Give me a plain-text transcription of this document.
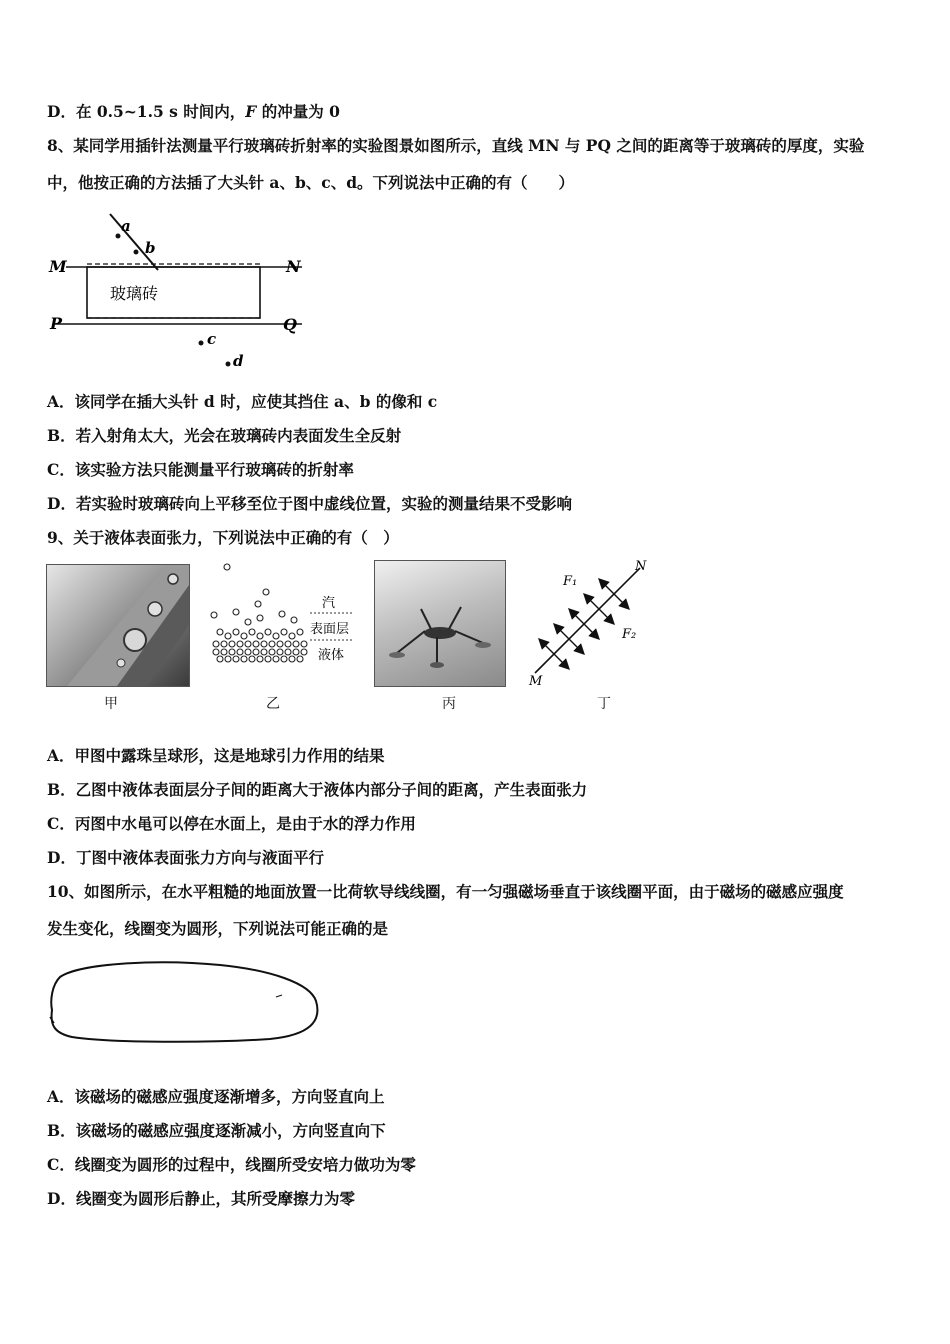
D．在 0.5~1.5 s 时间内，F 的冲量为 0
8、某同学用插针法测量平行玻璃砖折射率的实验图景如图所示，直线 MN 与 PQ 之间的距离等于玻璃砖的厚度，实验
中，他按正确的方法插了大头针 a、b、c、d。下列说法中正确的有（　　）
a
b
M	N
P	Q
c
d
玻璃砖
A．该同学在插大头针 d 时，应使其挡住 a、b 的像和 c
B．若入射角太大，光会在玻璃砖内表面发生全反射
C．该实验方法只能测量平行玻璃砖的折射率
D．若实验时玻璃砖向上平移至位于图中虚线位置，实验的测量结果不受影响
9、关于液体表面张力，下列说法中正确的有（　）
汽
表面层
液体
N
M
F₁
F₂
甲	乙	丙	丁
A．甲图中露珠呈球形，这是地球引力作用的结果
B．乙图中液体表面层分子间的距离大于液体内部分子间的距离，产生表面张力
C．丙图中水黾可以停在水面上，是由于水的浮力作用
D．丁图中液体表面张力方向与液面平行
10、如图所示，在水平粗糙的地面放置一比荷软导线线圈，有一匀强磁场垂直于该线圈平面，由于磁场的磁感应强度
发生变化，线圈变为圆形，下列说法可能正确的是
A．该磁场的磁感应强度逐渐增多，方向竖直向上
B．该磁场的磁感应强度逐渐减小，方向竖直向下
C．线圈变为圆形的过程中，线圈所受安培力做功为零
D．线圈变为圆形后静止，其所受摩擦力为零
